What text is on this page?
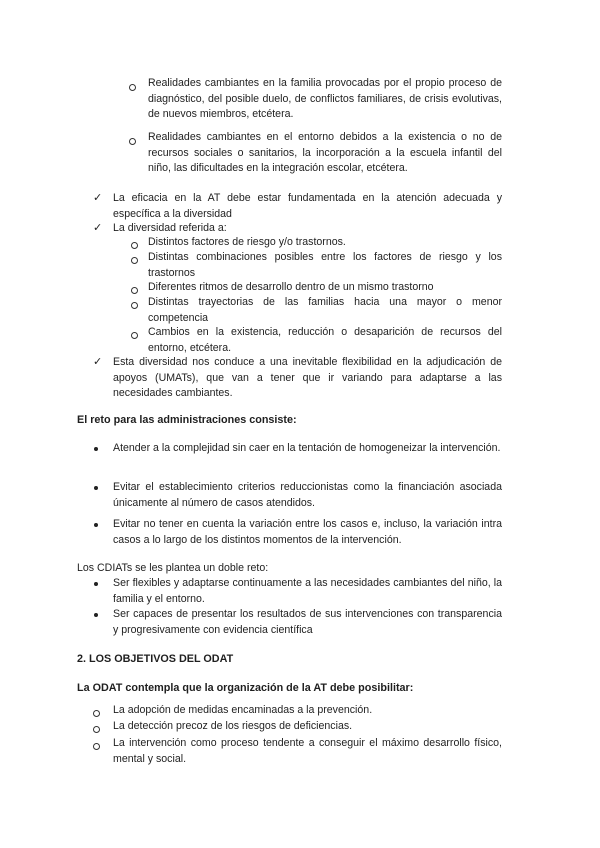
Realidades cambiantes en la familia provocadas por el propio proceso de diagnóstico, del posible duelo, de conflictos familiares, de crisis evolutivas, de nuevos miembros, etcétera.

Realidades cambiantes en el entorno debidos a la existencia o no de recursos sociales o sanitarios, la incorporación a la escuela infantil del niño, las dificultades en la integración escolar, etcétera.

✓ La eficacia en la AT debe estar fundamentada en la atención adecuada y específica a la diversidad

✓ La diversidad referida a:

Distintos factores de riesgo y/o trastornos.

Distintas combinaciones posibles entre los factores de riesgo y los trastornos

Diferentes ritmos de desarrollo dentro de un mismo trastorno

Distintas trayectorias de las familias hacia una mayor o menor competencia

Cambios en la existencia, reducción o desaparición de recursos del entorno, etcétera.

✓ Esta diversidad nos conduce a una inevitable flexibilidad en la adjudicación de apoyos (UMATs), que van a tener que ir variando para adaptarse a las necesidades cambiantes.

El reto para las administraciones consiste:

Atender a la complejidad sin caer en la tentación de homogeneizar la intervención.

Evitar el establecimiento criterios reduccionistas como la financiación asociada únicamente al número de casos atendidos.

Evitar no tener en cuenta la variación entre los casos e, incluso, la variación intra casos a lo largo de los distintos momentos de la intervención.

Los CDIATs se les plantea un doble reto:

Ser flexibles y adaptarse continuamente a las necesidades cambiantes del niño, la familia y el entorno.

Ser capaces de presentar los resultados de sus intervenciones con transparencia y progresivamente con evidencia científica

2. LOS OBJETIVOS DEL ODAT
La ODAT contempla que la organización de la AT debe posibilitar:

La adopción de medidas encaminadas a la prevención.

La detección precoz de los riesgos de deficiencias.

La intervención como proceso tendente a conseguir el máximo desarrollo físico, mental y social.
